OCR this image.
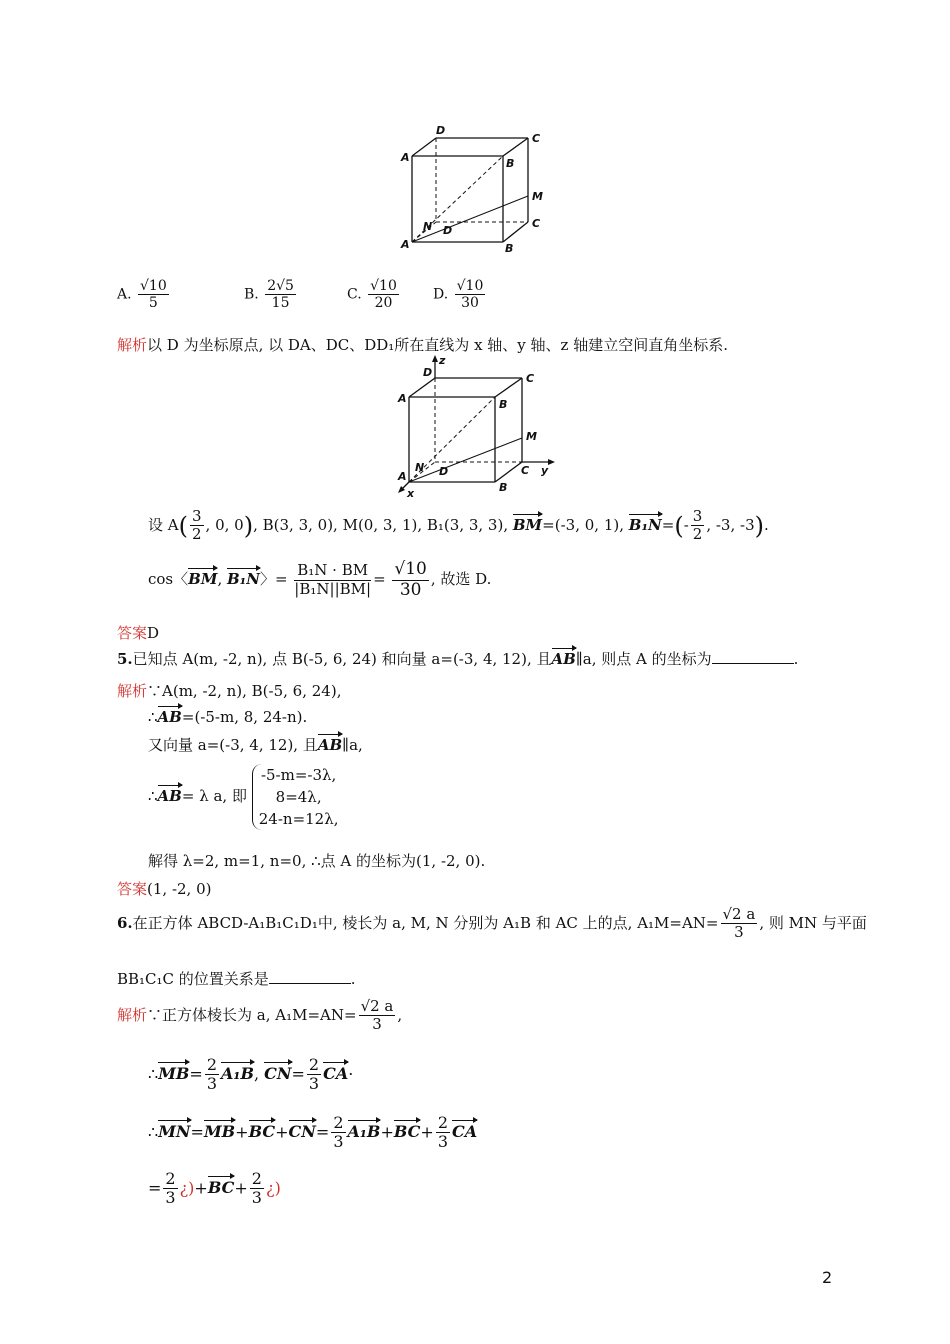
D
C
A	B
M
C
N D
A	B
A. $\frac{√10}{5}$	B. $\frac{2√5}{15}$	C. $\frac{√10}{20} D$. $\frac{√10}{30}$
解析以 D 为坐标原点, 以 DA、DC、DD₁所在直线为 x 轴、y 轴、z 轴建立空间直角坐标系.
z
D	C
A	B
M
C y
N D
A
B
x
设 $A( \frac{3}{2}$ , 0, 0), B(3, 3, 0), M(0, 3, 1), B₁(3, 3, 3), BM=(-3, 0, 1), $B_1N=(- \frac{3}{2}$ , -3, -3).
cos〈BM, B₁N〉= $\frac{\text{B₁N · BM}}{\text{|B₁N||BM|}} = \frac{√10}{30}$ , 故选 D.
答案D
5.已知点 A(m, -2, n), 点 B(-5, 6, 24) 和向量 a=(-3, 4, 12), 且AB∥a, 则点 A 的坐标为	.
解析∵A(m, -2, n), B(-5, 6, 24),
∴AB=(-5-m, 8, 24-n).
又向量 a=(-3, 4, 12), 且AB∥a,
∴AB= λ a, 即
-5-m=-3λ,
8=4λ,
24-n=12λ,
解得 λ=2, m=1, n=0, ∴点 A 的坐标为(1, -2, 0).
答案(1, -2, 0)
6.在正方体 ABCD-A₁B₁C₁D₁中, 棱长为 a, M, N 分别为 A₁B 和 AC 上的点, $A_1M=AN= \frac{√2 a}{3}$ , 则 MN 与平面
BB₁C₁C 的位置关系是	.
解析∵正方体棱长为 a, $A_1M=AN= \frac{√2 a}{3}$ ,
∴MB= $\frac{2}{3} A_1B$, $CN= \frac{2}{3} CA\cdot$
∴MN=MB+BC+CN= $\frac{2}{3} A_1B+BC+ \frac{2}{3}$ CA
= $\frac{2}{3}$ ¿)$+BC+ \frac{2}{3}$ ¿)
2
